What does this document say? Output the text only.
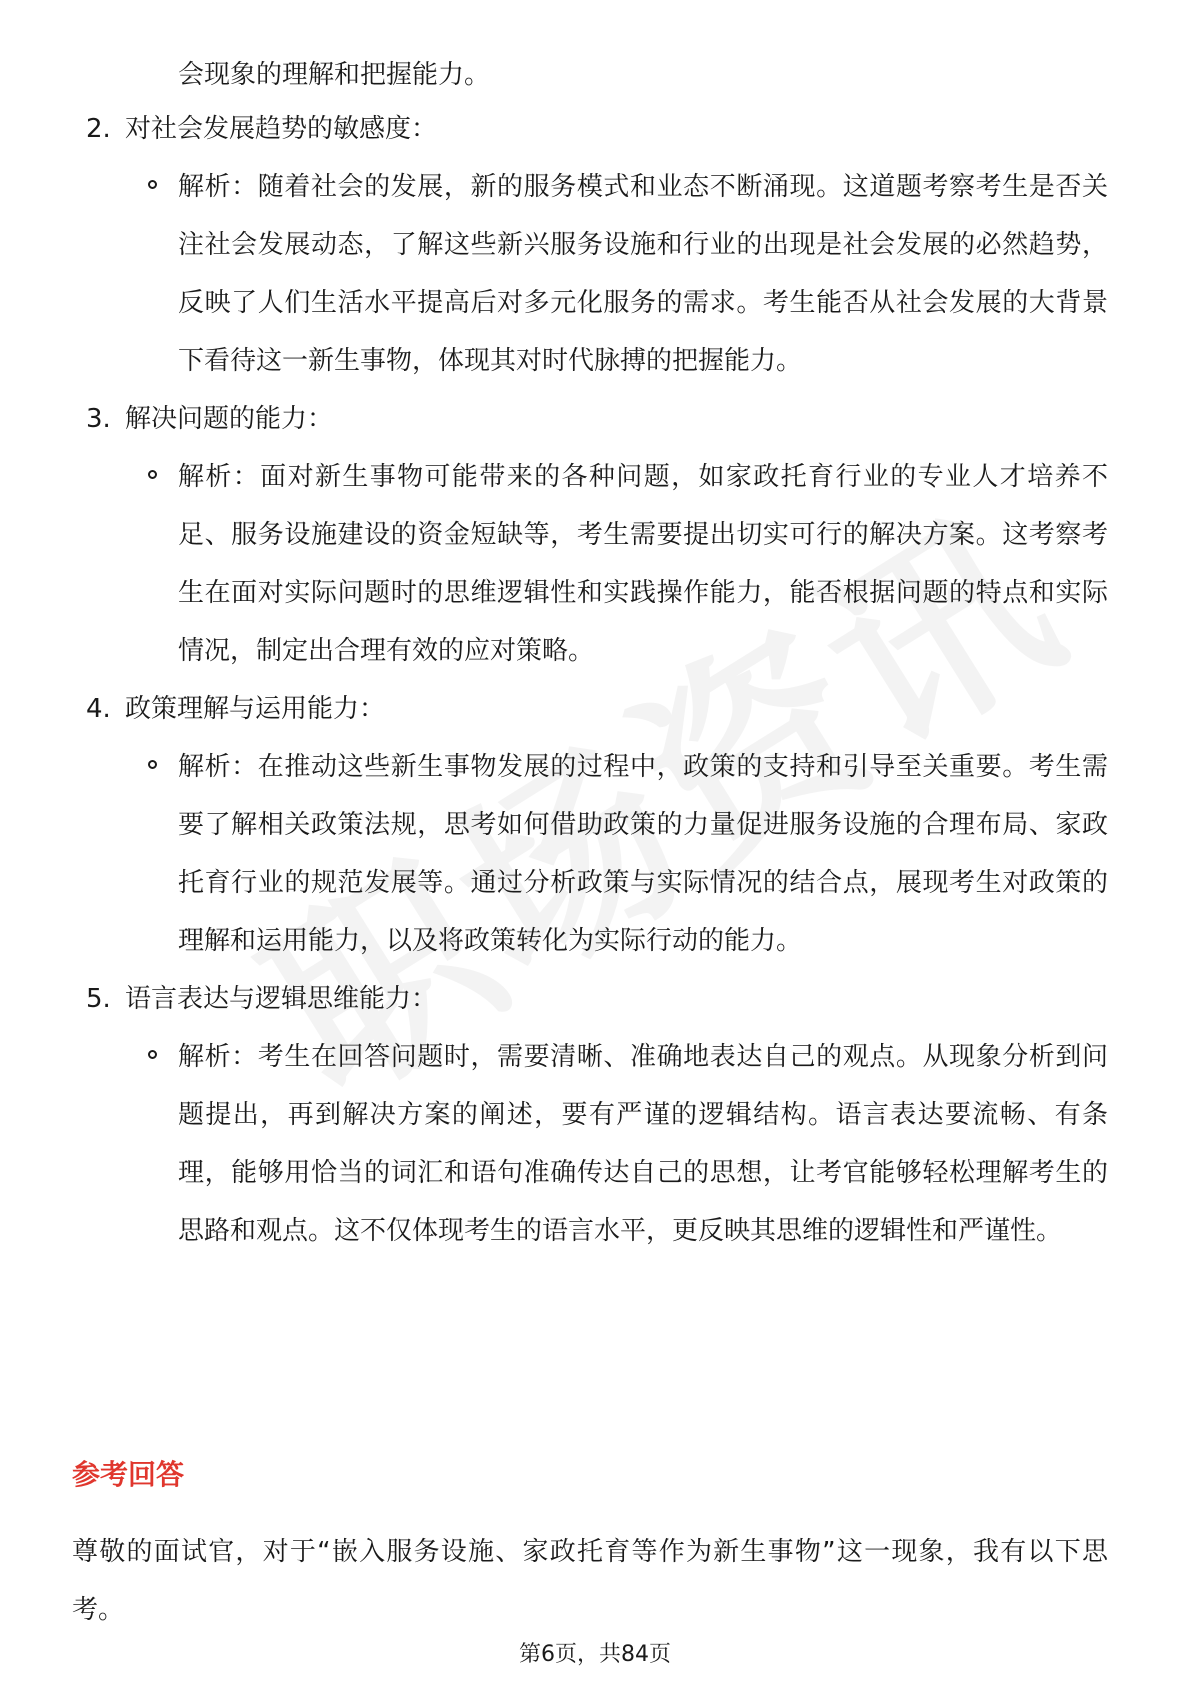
会现象的理解和把握能力。

2. 对社会发展趋势的敏感度：

解析：随着社会的发展，新的服务模式和业态不断涌现。这道题考察考生是否关注社会发展动态，了解这些新兴服务设施和行业的出现是社会发展的必然趋势，反映了人们生活水平提高后对多元化服务的需求。考生能否从社会发展的大背景下看待这一新生事物，体现其对时代脉搏的把握能力。

3. 解决问题的能力：

解析：面对新生事物可能带来的各种问题，如家政托育行业的专业人才培养不足、服务设施建设的资金短缺等，考生需要提出切实可行的解决方案。这考察考生在面对实际问题时的思维逻辑性和实践操作能力，能否根据问题的特点和实际情况，制定出合理有效的应对策略。

4. 政策理解与运用能力：

解析：在推动这些新生事物发展的过程中，政策的支持和引导至关重要。考生需要了解相关政策法规，思考如何借助政策的力量促进服务设施的合理布局、家政托育行业的规范发展等。通过分析政策与实际情况的结合点，展现考生对政策的理解和运用能力，以及将政策转化为实际行动的能力。

5. 语言表达与逻辑思维能力：

解析：考生在回答问题时，需要清晰、准确地表达自己的观点。从现象分析到问题提出，再到解决方案的阐述，要有严谨的逻辑结构。语言表达要流畅、有条理，能够用恰当的词汇和语句准确传达自己的思想，让考官能够轻松理解考生的思路和观点。这不仅体现考生的语言水平，更反映其思维的逻辑性和严谨性。

参考回答

尊敬的面试官，对于“嵌入服务设施、家政托育等作为新生事物”这一现象，我有以下思考。

第6页，共84页
